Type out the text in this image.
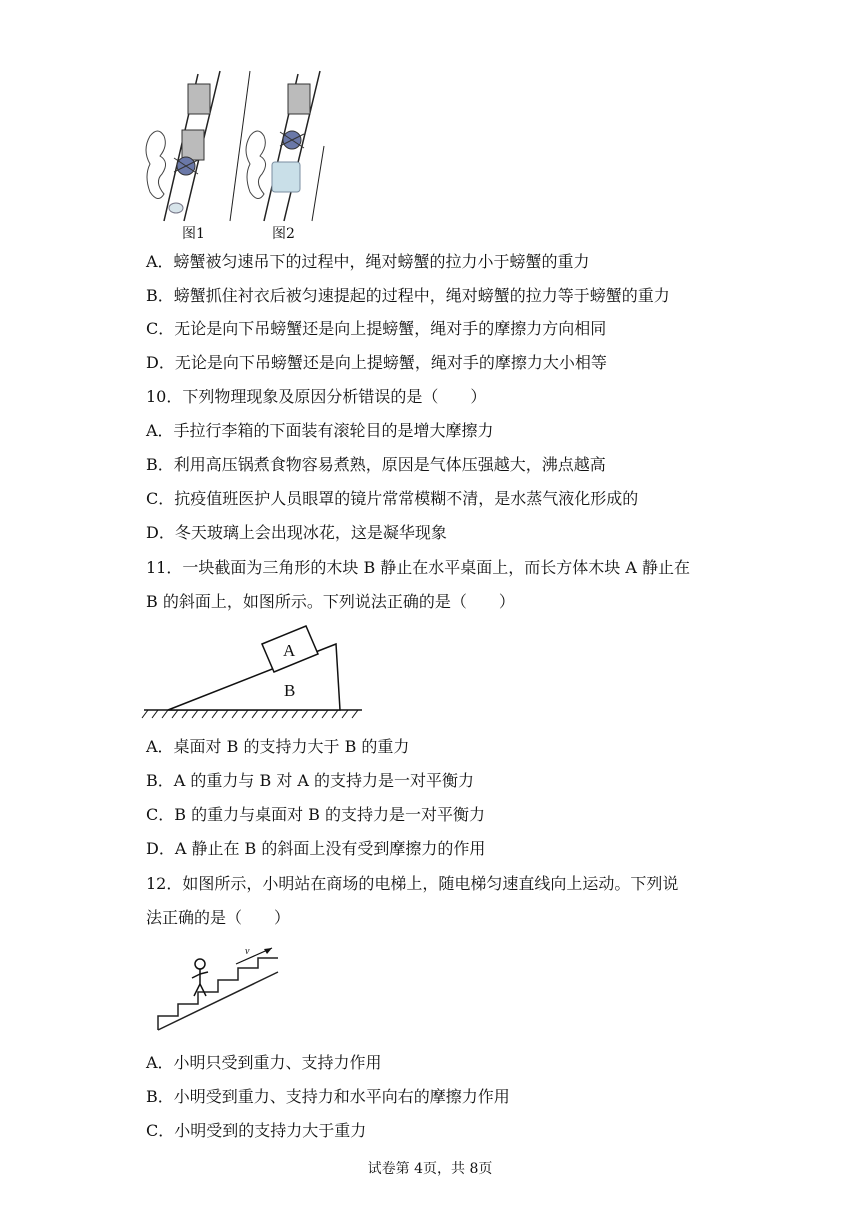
图1	图2
A．螃蟹被匀速吊下的过程中，绳对螃蟹的拉力小于螃蟹的重力
B．螃蟹抓住衬衣后被匀速提起的过程中，绳对螃蟹的拉力等于螃蟹的重力
C．无论是向下吊螃蟹还是向上提螃蟹，绳对手的摩擦力方向相同
D．无论是向下吊螃蟹还是向上提螃蟹，绳对手的摩擦力大小相等
10．下列物理现象及原因分析错误的是（　　）
A．手拉行李箱的下面装有滚轮目的是增大摩擦力
B．利用高压锅煮食物容易煮熟，原因是气体压强越大，沸点越高
C．抗疫值班医护人员眼罩的镜片常常模糊不清，是水蒸气液化形成的
D．冬天玻璃上会出现冰花，这是凝华现象
11．一块截面为三角形的木块 B 静止在水平桌面上，而长方体木块 A 静止在
B 的斜面上，如图所示。下列说法正确的是（　　）
A
B
A．桌面对 B 的支持力大于 B 的重力
B．A 的重力与 B 对 A 的支持力是一对平衡力
C．B 的重力与桌面对 B 的支持力是一对平衡力
D．A 静止在 B 的斜面上没有受到摩擦力的作用
12．如图所示，小明站在商场的电梯上，随电梯匀速直线向上运动。下列说
法正确的是（　　）
v
A．小明只受到重力、支持力作用
B．小明受到重力、支持力和水平向右的摩擦力作用
C．小明受到的支持力大于重力
试卷第 4页，共 8页
